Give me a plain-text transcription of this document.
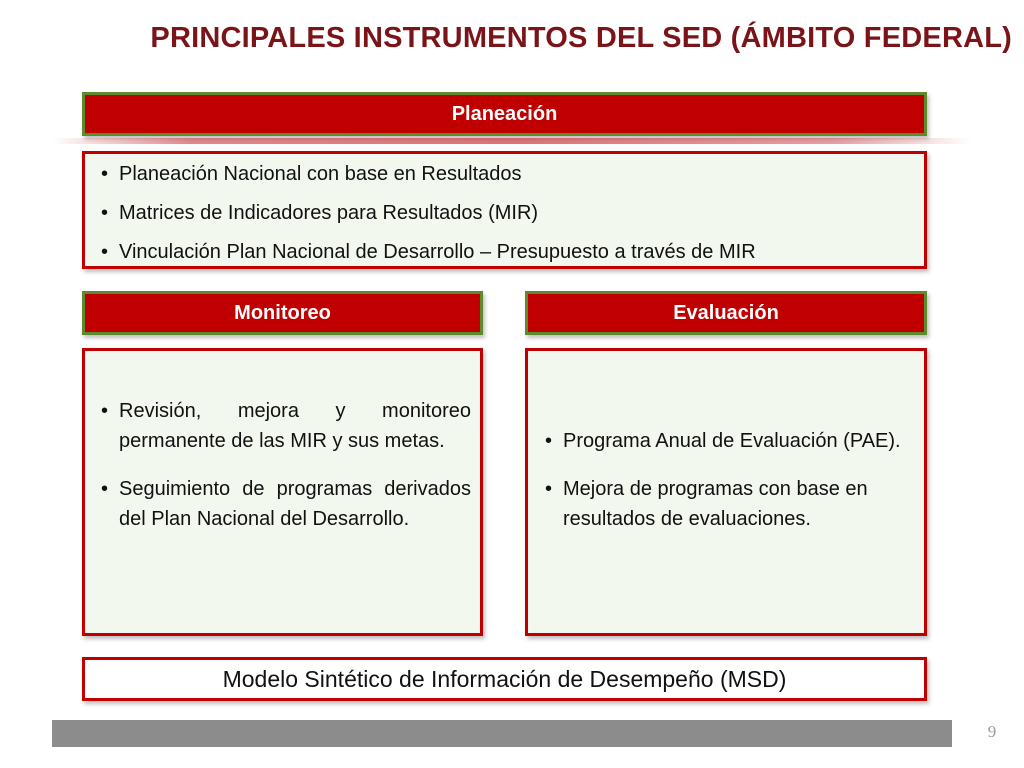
PRINCIPALES INSTRUMENTOS DEL SED (ÁMBITO FEDERAL)
Planeación
• Planeación Nacional con base en Resultados
• Matrices de Indicadores para Resultados (MIR)
• Vinculación Plan Nacional de Desarrollo – Presupuesto a través de MIR
Monitoreo	Evaluación
• Revisión, mejora y monitoreo permanente de las MIR y sus metas.
• Seguimiento de programas derivados del Plan Nacional del Desarrollo.
• Programa Anual de Evaluación (PAE).
• Mejora de programas con base en resultados de evaluaciones.
Modelo Sintético de Información de Desempeño (MSD)
9
